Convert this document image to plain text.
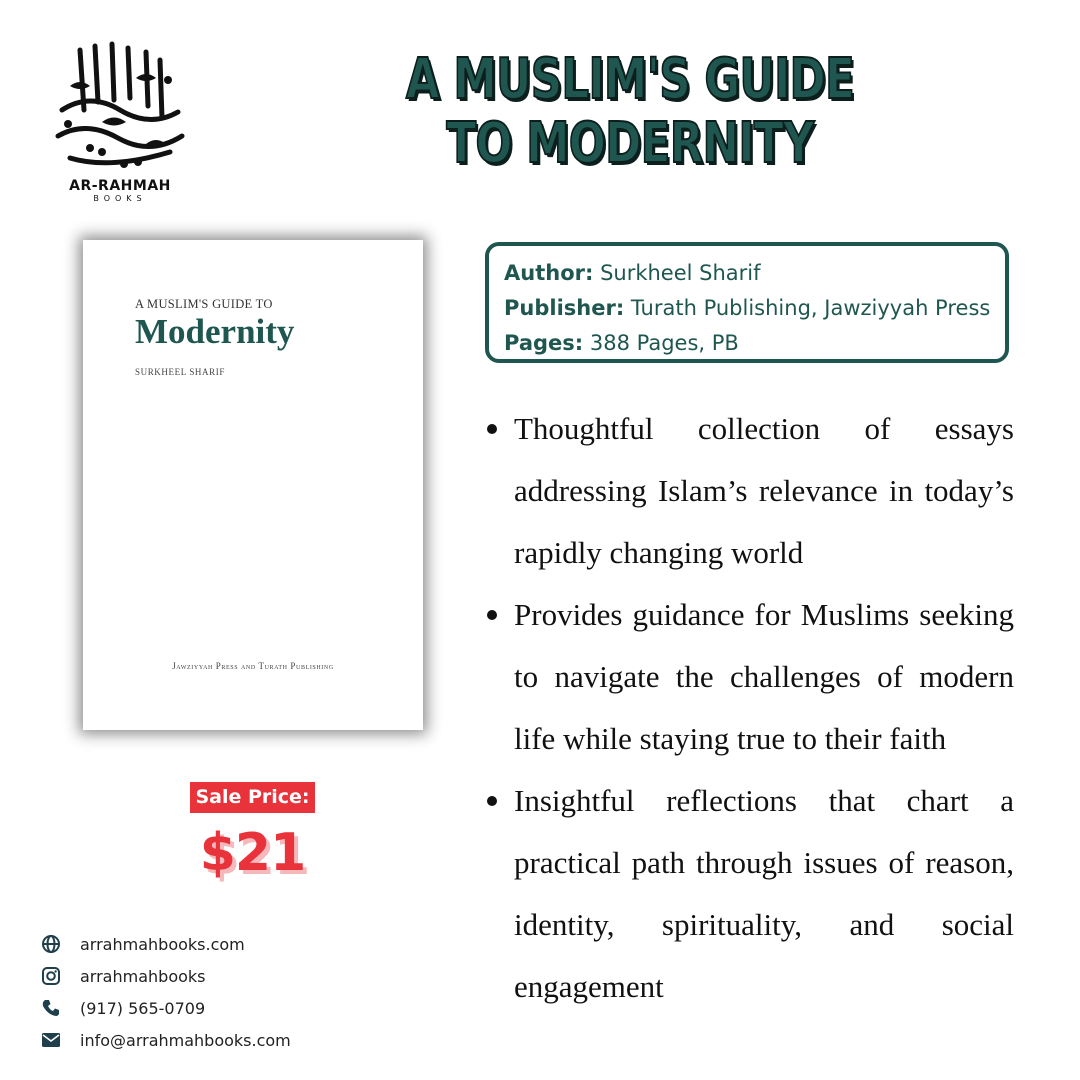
AR-RAHMAH
BOOKS
A MUSLIM'S GUIDE TO MODERNITY
A MUSLIM'S GUIDE TO
Modernity
SURKHEEL SHARIF
Jawziyyah Press and Turath Publishing
Sale Price:
$21
arrahmahbooks.com
arrahmahbooks
(917) 565-0709
info@arrahmahbooks.com
Author: Surkheel Sharif
Publisher: Turath Publishing, Jawziyyah Press
Pages: 388 Pages, PB
Thoughtful collection of essays addressing Islam’s relevance in today’s rapidly changing world
Provides guidance for Muslims seeking to navigate the challenges of modern life while staying true to their faith
Insightful reflections that chart a practical path through issues of reason, identity, spirituality, and social engagement
